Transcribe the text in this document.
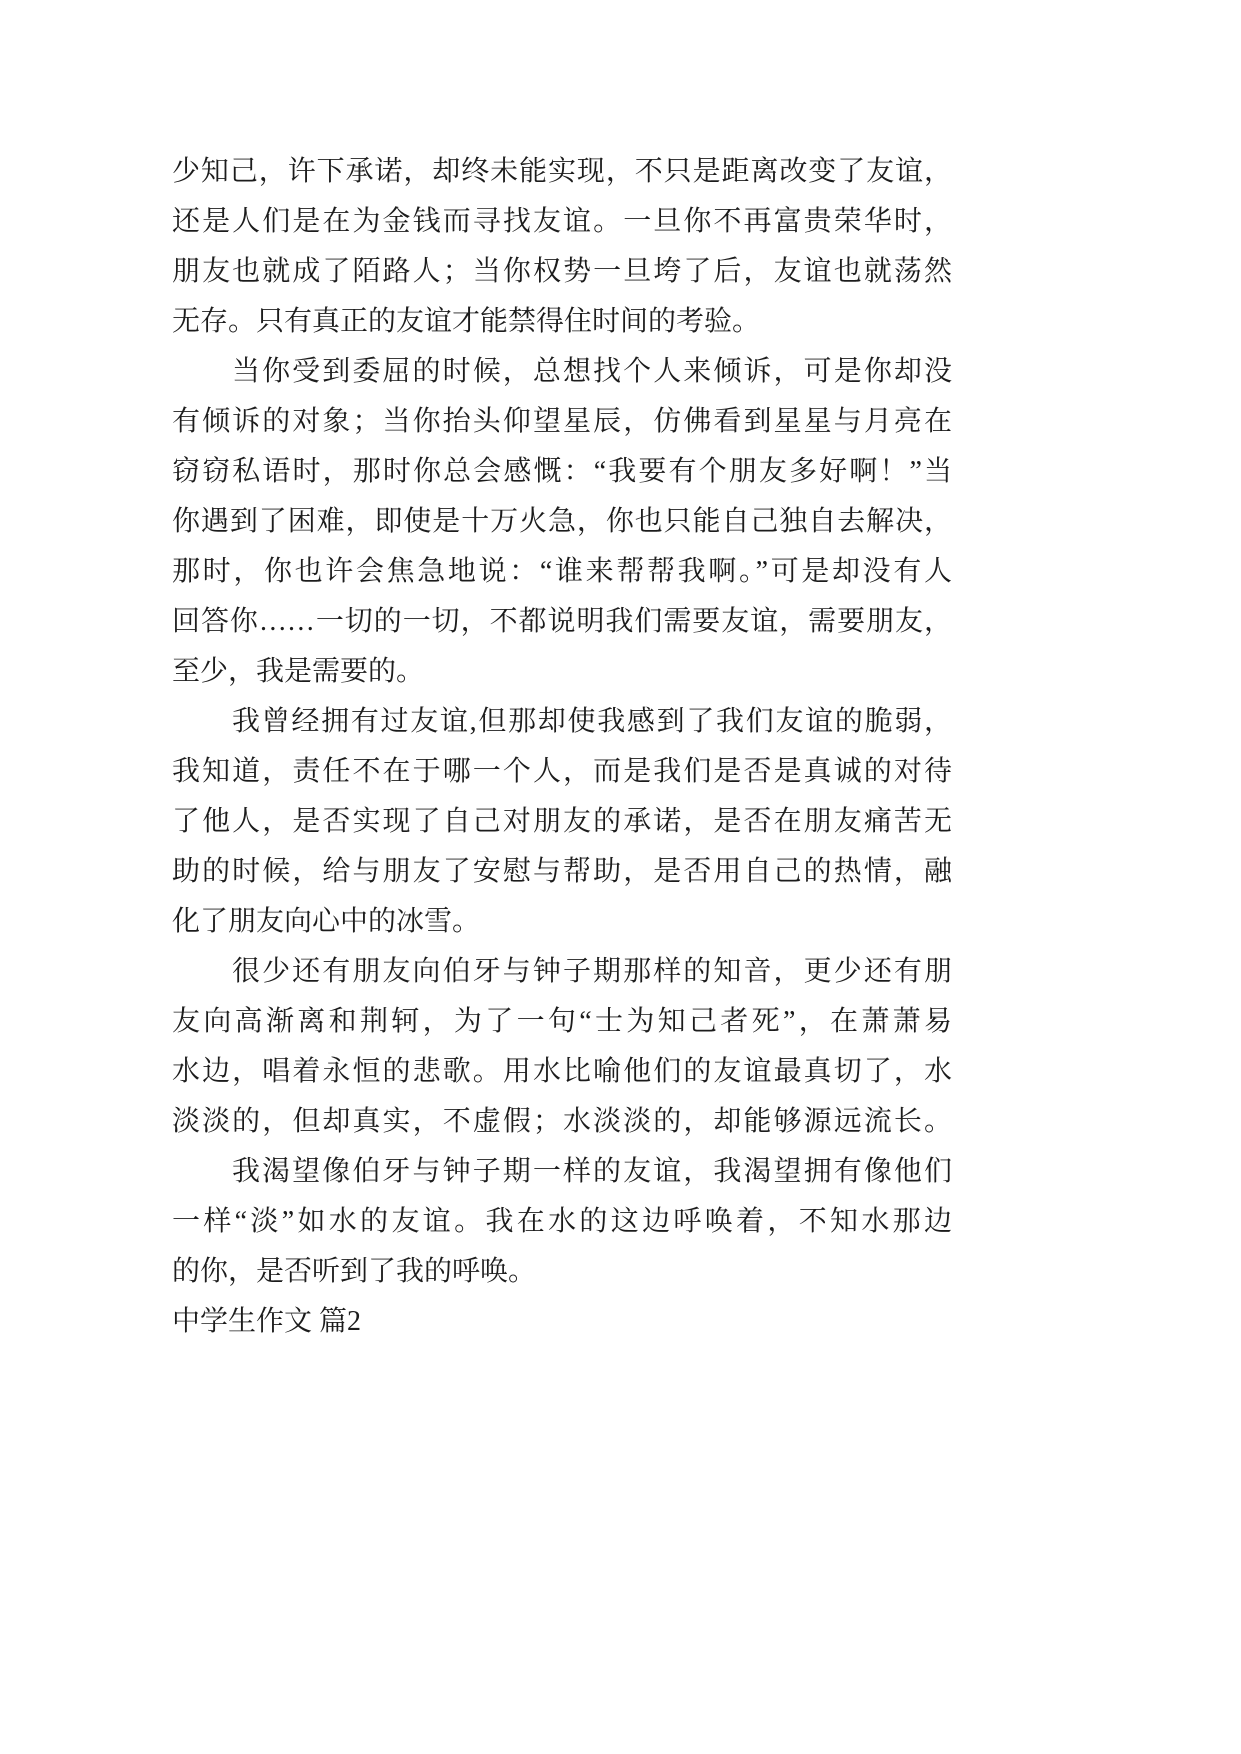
少知己，许下承诺，却终未能实现，不只是距离改变了友谊，
还是人们是在为金钱而寻找友谊。一旦你不再富贵荣华时，
朋友也就成了陌路人；当你权势一旦垮了后，友谊也就荡然
无存。只有真正的友谊才能禁得住时间的考验。
当你受到委屈的时候，总想找个人来倾诉，可是你却没
有倾诉的对象；当你抬头仰望星辰，仿佛看到星星与月亮在
窃窃私语时，那时你总会感慨：“我要有个朋友多好啊！”当
你遇到了困难，即使是十万火急，你也只能自己独自去解决，
那时，你也许会焦急地说：“谁来帮帮我啊。”可是却没有人
回答你……一切的一切，不都说明我们需要友谊，需要朋友，
至少，我是需要的。
我曾经拥有过友谊,但那却使我感到了我们友谊的脆弱，
我知道，责任不在于哪一个人，而是我们是否是真诚的对待
了他人，是否实现了自己对朋友的承诺，是否在朋友痛苦无
助的时候，给与朋友了安慰与帮助，是否用自己的热情，融
化了朋友向心中的冰雪。
很少还有朋友向伯牙与钟子期那样的知音，更少还有朋
友向高渐离和荆轲，为了一句“士为知己者死”，在萧萧易
水边，唱着永恒的悲歌。用水比喻他们的友谊最真切了，水
淡淡的，但却真实，不虚假；水淡淡的，却能够源远流长。
我渴望像伯牙与钟子期一样的友谊，我渴望拥有像他们
一样“淡”如水的友谊。我在水的这边呼唤着，不知水那边
的你，是否听到了我的呼唤。
中学生作文 篇2
